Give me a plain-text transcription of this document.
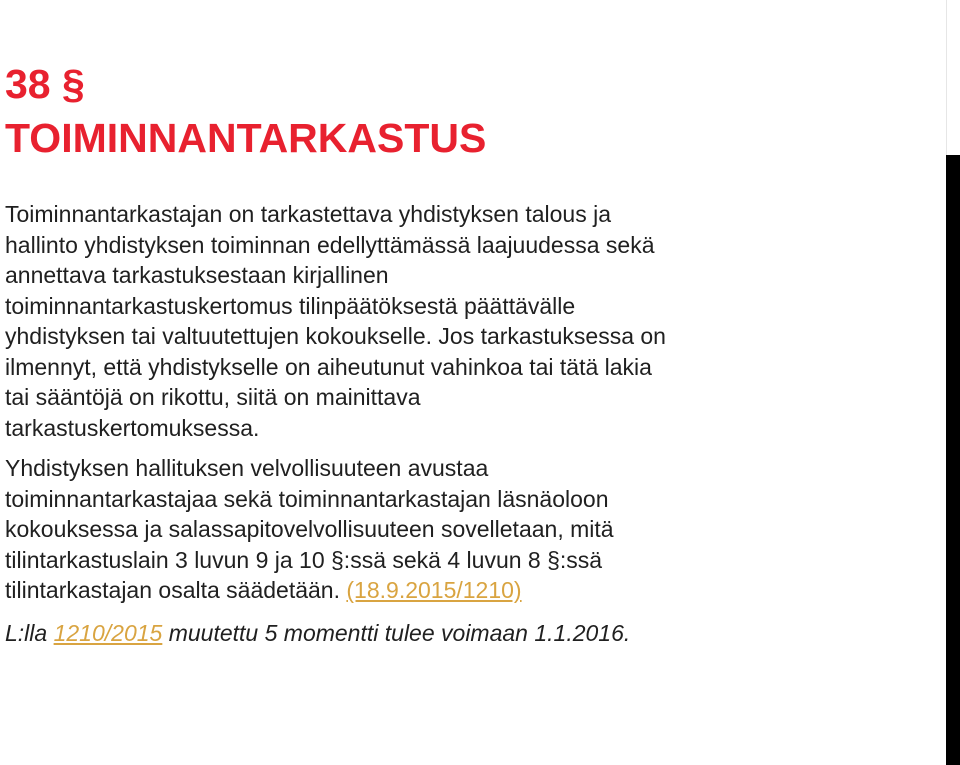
38 §
TOIMINNANTARKASTUS

Toiminnantarkastajan on tarkastettava yhdistyksen talous ja
hallinto yhdistyksen toiminnan edellyttämässä laajuudessa sekä
annettava tarkastuksestaan kirjallinen
toiminnantarkastuskertomus tilinpäätöksestä päättävälle
yhdistyksen tai valtuutettujen kokoukselle. Jos tarkastuksessa on
ilmennyt, että yhdistykselle on aiheutunut vahinkoa tai tätä lakia
tai sääntöjä on rikottu, siitä on mainittava
tarkastuskertomuksessa.

Yhdistyksen hallituksen velvollisuuteen avustaa
toiminnantarkastajaa sekä toiminnantarkastajan läsnäoloon
kokouksessa ja salassapitovelvollisuuteen sovelletaan, mitä
tilintarkastuslain 3 luvun 9 ja 10 §:ssä sekä 4 luvun 8 §:ssä
tilintarkastajan osalta säädetään. (18.9.2015/1210)

L:lla 1210/2015 muutettu 5 momentti tulee voimaan 1.1.2016.
